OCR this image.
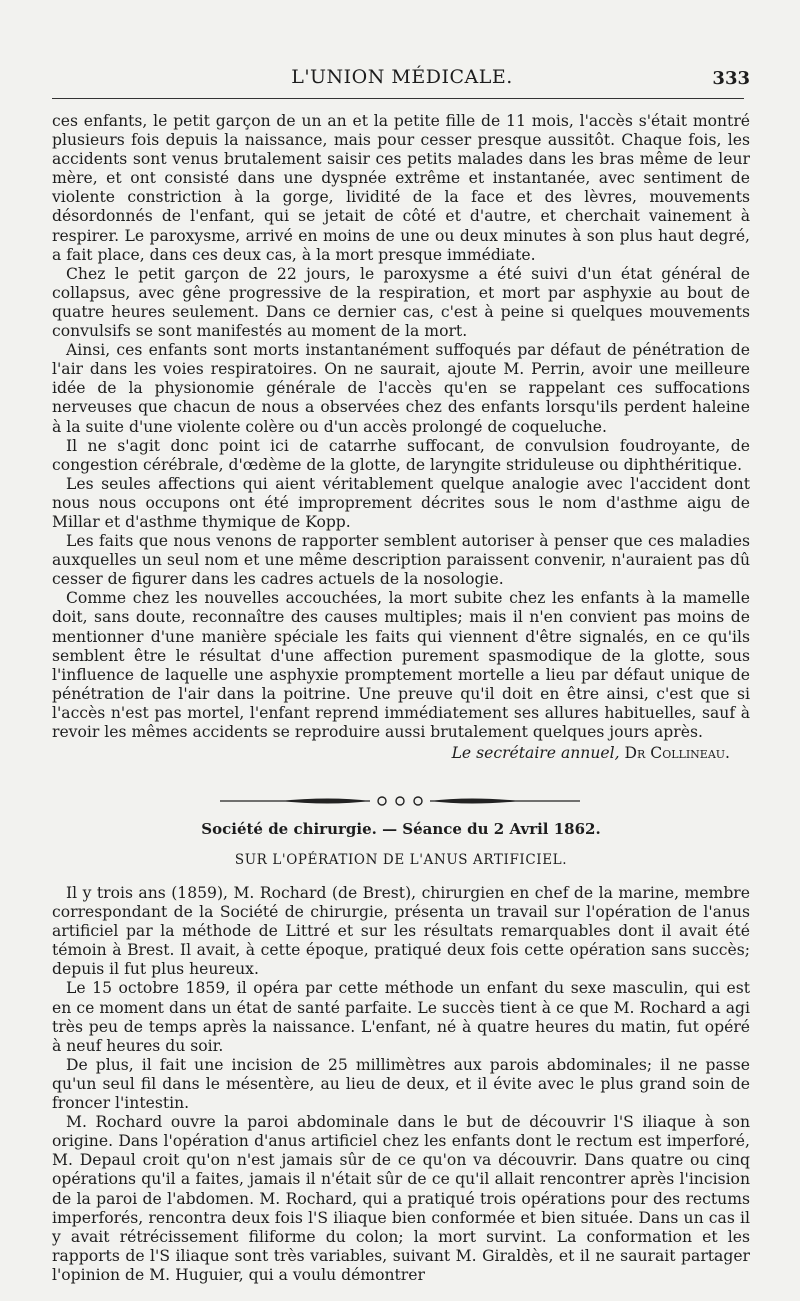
L'UNION MÉDICALE.	333

ces enfants, le petit garçon de un an et la petite fille de 11 mois, l'accès s'était montré plusieurs fois depuis la naissance, mais pour cesser presque aussitôt. Chaque fois, les accidents sont venus brutalement saisir ces petits malades dans les bras même de leur mère, et ont consisté dans une dyspnée extrême et instantanée, avec sentiment de violente constriction à la gorge, lividité de la face et des lèvres, mouvements désordonnés de l'enfant, qui se jetait de côté et d'autre, et cherchait vainement à respirer. Le paroxysme, arrivé en moins de une ou deux minutes à son plus haut degré, a fait place, dans ces deux cas, à la mort presque immédiate.

Chez le petit garçon de 22 jours, le paroxysme a été suivi d'un état général de collapsus, avec gêne progressive de la respiration, et mort par asphyxie au bout de quatre heures seulement. Dans ce dernier cas, c'est à peine si quelques mouvements convulsifs se sont manifestés au moment de la mort.

Ainsi, ces enfants sont morts instantanément suffoqués par défaut de pénétration de l'air dans les voies respiratoires. On ne saurait, ajoute M. Perrin, avoir une meilleure idée de la physionomie générale de l'accès qu'en se rappelant ces suffocations nerveuses que chacun de nous a observées chez des enfants lorsqu'ils perdent haleine à la suite d'une violente colère ou d'un accès prolongé de coqueluche.

Il ne s'agit donc point ici de catarrhe suffocant, de convulsion foudroyante, de congestion cérébrale, d'œdème de la glotte, de laryngite striduleuse ou diphthéritique.

Les seules affections qui aient véritablement quelque analogie avec l'accident dont nous nous occupons ont été improprement décrites sous le nom d'asthme aigu de Millar et d'asthme thymique de Kopp.

Les faits que nous venons de rapporter semblent autoriser à penser que ces maladies auxquelles un seul nom et une même description paraissent convenir, n'auraient pas dû cesser de figurer dans les cadres actuels de la nosologie.

Comme chez les nouvelles accouchées, la mort subite chez les enfants à la mamelle doit, sans doute, reconnaître des causes multiples; mais il n'en convient pas moins de mentionner d'une manière spéciale les faits qui viennent d'être signalés, en ce qu'ils semblent être le résultat d'une affection purement spasmodique de la glotte, sous l'influence de laquelle une asphyxie promptement mortelle a lieu par défaut unique de pénétration de l'air dans la poitrine. Une preuve qu'il doit en être ainsi, c'est que si l'accès n'est pas mortel, l'enfant reprend immédiatement ses allures habituelles, sauf à revoir les mêmes accidents se reproduire aussi brutalement quelques jours après.

Le secrétaire annuel, Dr Collineau.
Société de chirurgie. — Séance du 2 Avril 1862.
SUR L'OPÉRATION DE L'ANUS ARTIFICIEL.

Il y trois ans (1859), M. Rochard (de Brest), chirurgien en chef de la marine, membre correspondant de la Société de chirurgie, présenta un travail sur l'opération de l'anus artificiel par la méthode de Littré et sur les résultats remarquables dont il avait été témoin à Brest. Il avait, à cette époque, pratiqué deux fois cette opération sans succès; depuis il fut plus heureux.

Le 15 octobre 1859, il opéra par cette méthode un enfant du sexe masculin, qui est en ce moment dans un état de santé parfaite. Le succès tient à ce que M. Rochard a agi très peu de temps après la naissance. L'enfant, né à quatre heures du matin, fut opéré à neuf heures du soir.

De plus, il fait une incision de 25 millimètres aux parois abdominales; il ne passe qu'un seul fil dans le mésentère, au lieu de deux, et il évite avec le plus grand soin de froncer l'intestin.

M. Rochard ouvre la paroi abdominale dans le but de découvrir l'S iliaque à son origine. Dans l'opération d'anus artificiel chez les enfants dont le rectum est imperforé, M. Depaul croit qu'on n'est jamais sûr de ce qu'on va découvrir. Dans quatre ou cinq opérations qu'il a faites, jamais il n'était sûr de ce qu'il allait rencontrer après l'incision de la paroi de l'abdomen. M. Rochard, qui a pratiqué trois opérations pour des rectums imperforés, rencontra deux fois l'S iliaque bien conformée et bien située. Dans un cas il y avait rétrécissement filiforme du colon; la mort survint. La conformation et les rapports de l'S iliaque sont très variables, suivant M. Giraldès, et il ne saurait partager l'opinion de M. Huguier, qui a voulu démontrer
